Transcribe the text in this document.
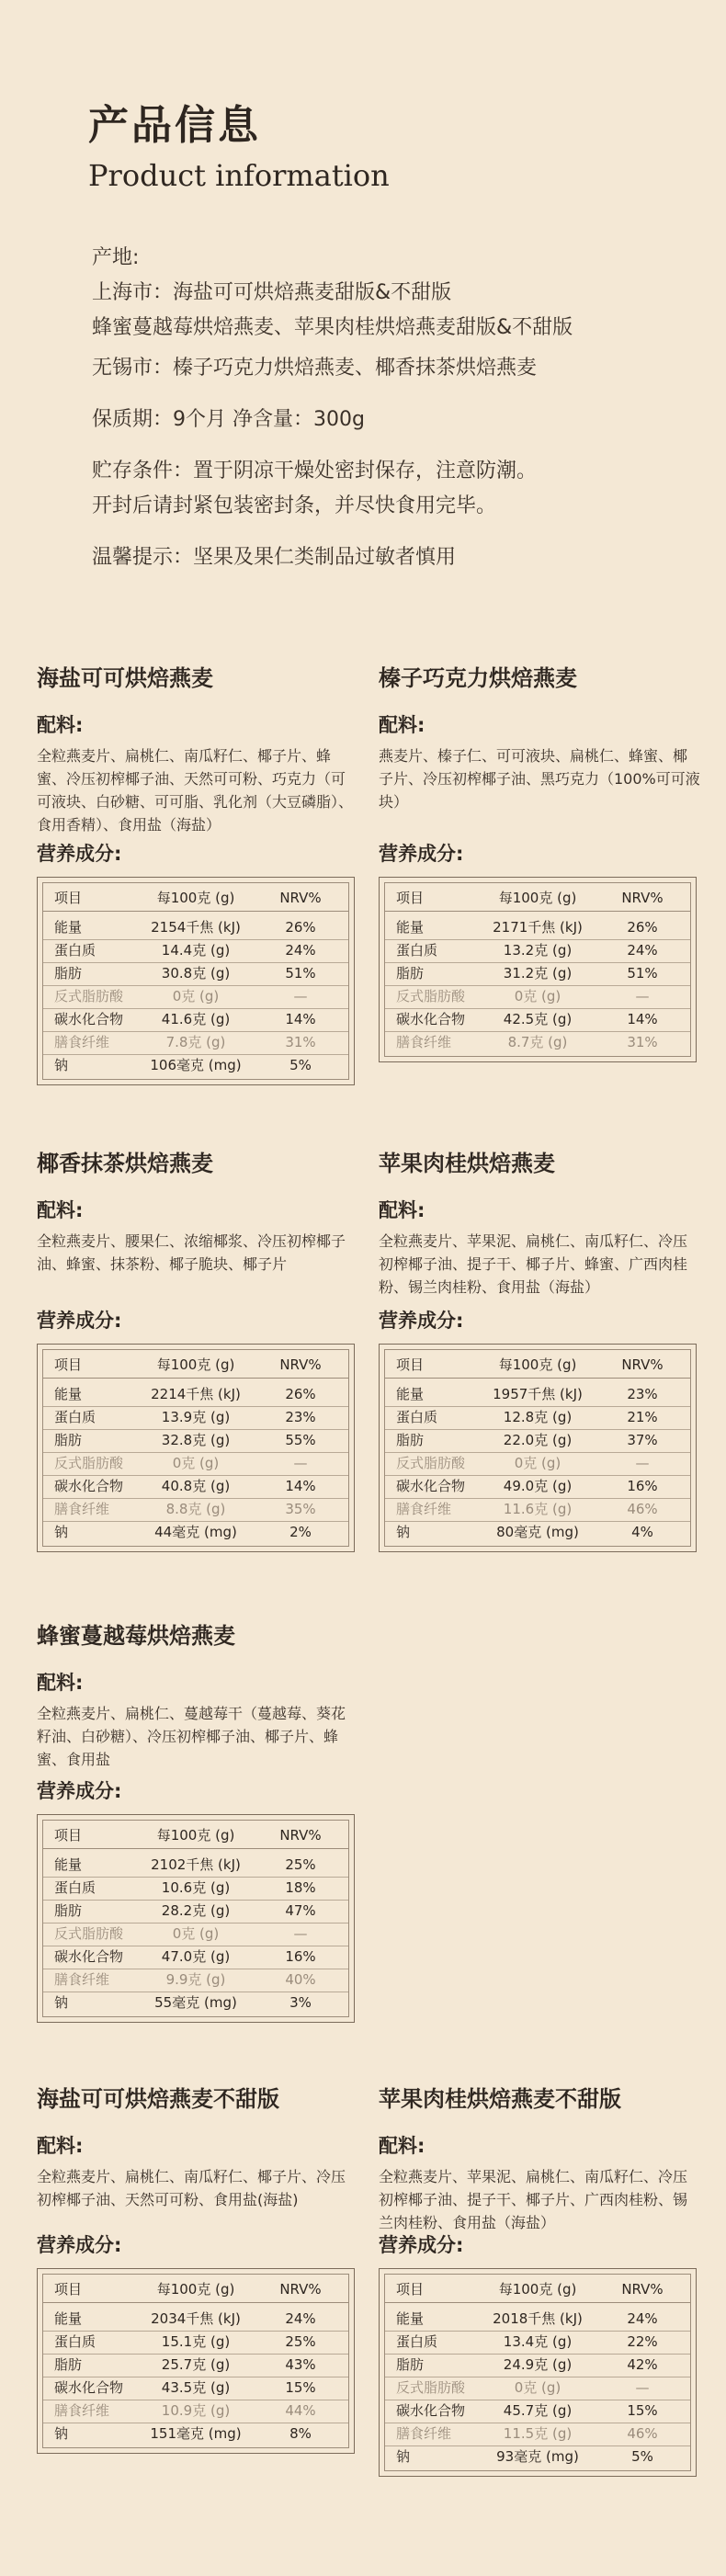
产品信息
Product information

产地:

上海市：海盐可可烘焙燕麦甜版&不甜版

蜂蜜蔓越莓烘焙燕麦、苹果肉桂烘焙燕麦甜版&不甜版

无锡市：榛子巧克力烘焙燕麦、椰香抹茶烘焙燕麦

保质期：9个月 净含量：300g

贮存条件：置于阴凉干燥处密封保存，注意防潮。

开封后请封紧包装密封条，并尽快食用完毕。

温馨提示：坚果及果仁类制品过敏者慎用

海盐可可烘焙燕麦
配料:

全粒燕麦片、扁桃仁、南瓜籽仁、椰子片、蜂蜜、冷压初榨椰子油、天然可可粉、巧克力（可可液块、白砂糖、可可脂、乳化剂（大豆磷脂）、食用香精）、食用盐（海盐）

营养成分:
项目	每100克 (g)	NRV%
能量	2154千焦 (kJ)	26%
蛋白质	14.4克 (g)	24%
脂肪	30.8克 (g)	51%
反式脂肪酸	0克 (g)	—
碳水化合物	41.6克 (g)	14%
膳食纤维	7.8克 (g)	31%
钠	106毫克 (mg)	5%
榛子巧克力烘焙燕麦
配料:

燕麦片、榛子仁、可可液块、扁桃仁、蜂蜜、椰子片、冷压初榨椰子油、黑巧克力（100%可可液块）

营养成分:
项目	每100克 (g)	NRV%
能量	2171千焦 (kJ)	26%
蛋白质	13.2克 (g)	24%
脂肪	31.2克 (g)	51%
反式脂肪酸	0克 (g)	—
碳水化合物	42.5克 (g)	14%
膳食纤维	8.7克 (g)	31%
椰香抹茶烘焙燕麦
配料:

全粒燕麦片、腰果仁、浓缩椰浆、冷压初榨椰子油、蜂蜜、抹茶粉、椰子脆块、椰子片

营养成分:
项目	每100克 (g)	NRV%
能量	2214千焦 (kJ)	26%
蛋白质	13.9克 (g)	23%
脂肪	32.8克 (g)	55%
反式脂肪酸	0克 (g)	—
碳水化合物	40.8克 (g)	14%
膳食纤维	8.8克 (g)	35%
钠	44毫克 (mg)	2%
苹果肉桂烘焙燕麦
配料:

全粒燕麦片、苹果泥、扁桃仁、南瓜籽仁、冷压初榨椰子油、提子干、椰子片、蜂蜜、广西肉桂粉、锡兰肉桂粉、食用盐（海盐）

营养成分:
项目	每100克 (g)	NRV%
能量	1957千焦 (kJ)	23%
蛋白质	12.8克 (g)	21%
脂肪	22.0克 (g)	37%
反式脂肪酸	0克 (g)	—
碳水化合物	49.0克 (g)	16%
膳食纤维	11.6克 (g)	46%
钠	80毫克 (mg)	4%
蜂蜜蔓越莓烘焙燕麦
配料:

全粒燕麦片、扁桃仁、蔓越莓干（蔓越莓、葵花籽油、白砂糖）、冷压初榨椰子油、椰子片、蜂蜜、食用盐

营养成分:
项目	每100克 (g)	NRV%
能量	2102千焦 (kJ)	25%
蛋白质	10.6克 (g)	18%
脂肪	28.2克 (g)	47%
反式脂肪酸	0克 (g)	—
碳水化合物	47.0克 (g)	16%
膳食纤维	9.9克 (g)	40%
钠	55毫克 (mg)	3%
海盐可可烘焙燕麦不甜版
配料:

全粒燕麦片、扁桃仁、南瓜籽仁、椰子片、冷压初榨椰子油、天然可可粉、食用盐(海盐)

营养成分:
项目	每100克 (g)	NRV%
能量	2034千焦 (kJ)	24%
蛋白质	15.1克 (g)	25%
脂肪	25.7克 (g)	43%
碳水化合物	43.5克 (g)	15%
膳食纤维	10.9克 (g)	44%
钠	151毫克 (mg)	8%
苹果肉桂烘焙燕麦不甜版
配料:

全粒燕麦片、苹果泥、扁桃仁、南瓜籽仁、冷压初榨椰子油、提子干、椰子片、广西肉桂粉、锡兰肉桂粉、食用盐（海盐）

营养成分:
项目	每100克 (g)	NRV%
能量	2018千焦 (kJ)	24%
蛋白质	13.4克 (g)	22%
脂肪	24.9克 (g)	42%
反式脂肪酸	0克 (g)	—
碳水化合物	45.7克 (g)	15%
膳食纤维	11.5克 (g)	46%
钠	93毫克 (mg)	5%
